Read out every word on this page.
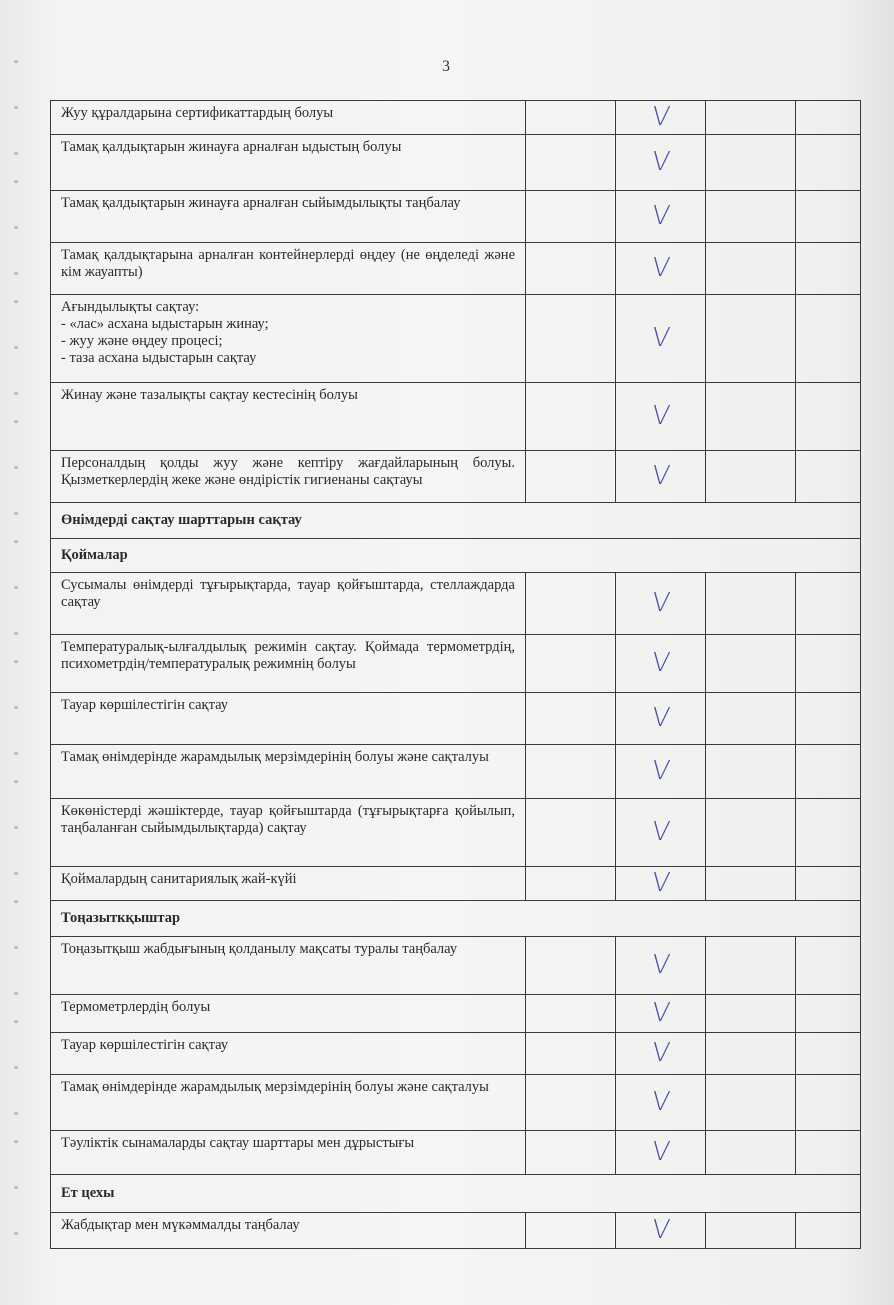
3
Жуу құралдарына сертификаттардың болуы		V		
Тамақ қалдықтарын жинауға арналған ыдыстың болуы		V		
Тамақ қалдықтарын жинауға арналған сыйымдылықты таңбалау		V		
Тамақ қалдықтарына арналған контейнерлерді өңдеу (не өңделеді және кім жауапты)		V		
Ағындылықты сақтау:
- «лас» асхана ыдыстарын жинау;
- жуу және өңдеу процесі;
- таза асхана ыдыстарын сақтау		V		
Жинау және тазалықты сақтау кестесінің болуы		V		
Персоналдың қолды жуу және кептіру жағдайларының болуы. Қызметкерлердің жеке және өндірістік гигиенаны сақтауы		V		
Өнімдерді сақтау шарттарын сақтау				
Қоймалар				
Сусымалы өнімдерді тұғырықтарда, тауар қойғыштарда, стеллаждарда сақтау		V		
Температуралық-ылғалдылық режимін сақтау. Қоймада термометрдің, психометрдің/температуралық режимнің болуы		V		
Тауар көршілестігін сақтау		V		
Тамақ өнімдерінде жарамдылық мерзімдерінің болуы және сақталуы		V		
Көкөністерді жәшіктерде, тауар қойғыштарда (тұғырықтарға қойылып, таңбаланған сыйымдылықтарда) сақтау		V		
Қоймалардың санитариялық жай-күйі		V		
Тоңазыткқыштар				
Тоңазытқыш жабдығының қолданылу мақсаты туралы таңбалау		V		
Термометрлердің болуы		V		
Тауар көршілестігін сақтау		V		
Тамақ өнімдерінде жарамдылық мерзімдерінің болуы және сақталуы		V		
Тәуліктік сынамаларды сақтау шарттары мен дұрыстығы		V		
Ет цехы				
Жабдықтар мен мүкәммалды таңбалау		V		
